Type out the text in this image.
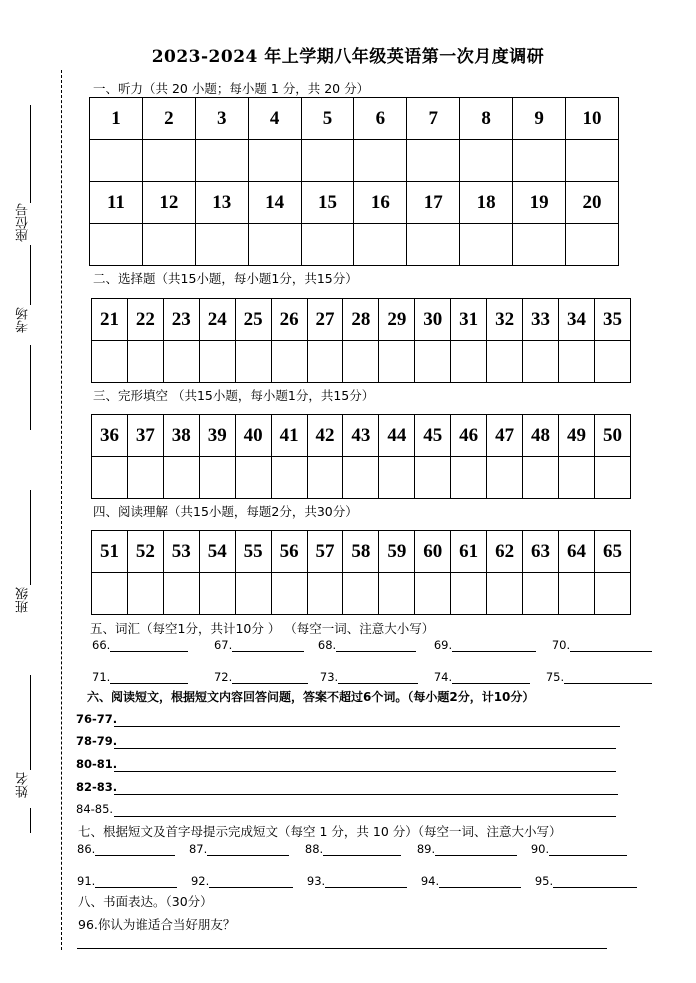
2023-2024 年上学期八年级英语第一次月度调研
座位号
考场
班级
姓名
一、听力（共 20 小题；每小题 1 分，共 20 分）
1	2	3	4	5	6	7	8	9	10

11	12	13	14	15	16	17	18	19	20

二、选择题（共15小题，每小题1分，共15分）
21	22	23	24	25	26	27	28	29	30	31	32	33	34	35

三、完形填空 （共15小题，每小题1分，共15分）
36	37	38	39	40	41	42	43	44	45	46	47	48	49	50

四、阅读理解（共15小题，每题2分，共30分）
51	52	53	54	55	56	57	58	59	60	61	62	63	64	65

五、词汇（每空1分，共计10分 ） （每空一词、注意大小写）
66.	67.	68.	69.	70.
71.	72.	73.	74.	75.
六、阅读短文，根据短文内容回答问题，答案不超过6个词。（每小题2分，计10分）
76-77.
78-79.
80-81.
82-83.
84-85.
七、根据短文及首字母提示完成短文（每空 1 分，共 10 分）（每空一词、注意大小写）
86.	87.	88.	89.	90.
91.	92.	93.	94.	95.
八、书面表达。（30分）
96.你认为谁适合当好朋友？
